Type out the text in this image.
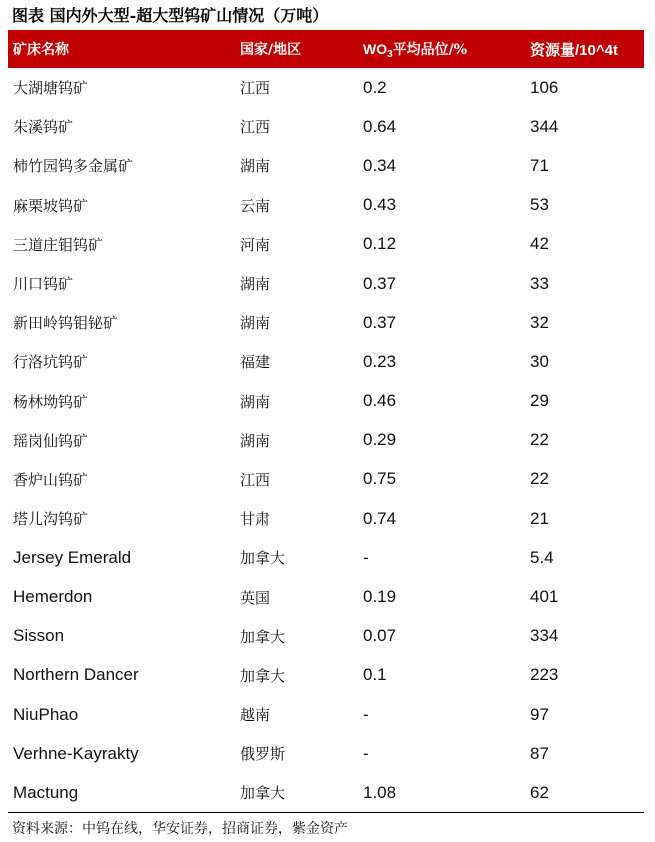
图表 国内外大型-超大型钨矿山情况（万吨）
矿床名称	国家/地区	$WO_3$平均品位/%	资源量/10^4t
大湖塘钨矿	江西	0.2	106
朱溪钨矿	江西	0.64	344
柿竹园钨多金属矿	湖南	0.34	71
麻栗坡钨矿	云南	0.43	53
三道庄钼钨矿	河南	0.12	42
川口钨矿	湖南	0.37	33
新田岭钨钼铋矿	湖南	0.37	32
行洛坑钨矿	福建	0.23	30
杨林坳钨矿	湖南	0.46	29
瑶岗仙钨矿	湖南	0.29	22
香炉山钨矿	江西	0.75	22
塔儿沟钨矿	甘肃	0.74	21
Jersey Emerald	加拿大	-	5.4
Hemerdon	英国	0.19	401
Sisson	加拿大	0.07	334
Northern Dancer	加拿大	0.1	223
NiuPhao	越南	-	97
Verhne-Kayrakty	俄罗斯	-	87
Mactung	加拿大	1.08	62
资料来源：中钨在线，华安证券，招商证券，紫金资产
